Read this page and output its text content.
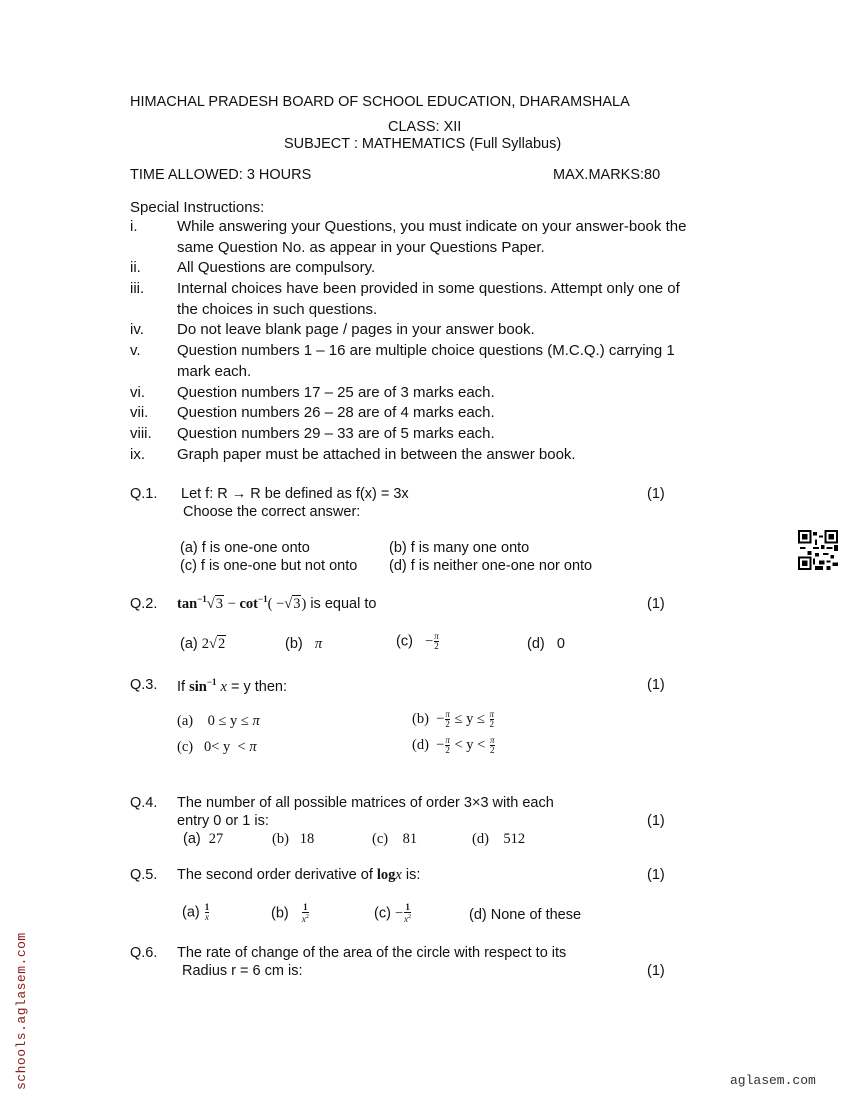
HIMACHAL PRADESH BOARD OF SCHOOL EDUCATION, DHARAMSHALA
CLASS: XII
SUBJECT : MATHEMATICS (Full Syllabus)
TIME ALLOWED: 3 HOURS	MAX.MARKS:80
Special Instructions:
i.	While answering your Questions, you must indicate on your answer-book the
same Question No. as appear in your Questions Paper.
ii. All Questions are compulsory.
iii. Internal choices have been provided in some questions. Attempt only one of
the choices in such questions.
iv. Do not leave blank page / pages in your answer book.
v. Question numbers 1 – 16 are multiple choice questions (M.C.Q.) carrying 1
mark each.
vi. Question numbers 17 – 25 are of 3 marks each.
vii. Question numbers 26 – 28 are of 4 marks each.
viii. Question numbers 29 – 33 are of 5 marks each.
ix. Graph paper must be attached in between the answer book.
Q.1. Let f: R → R be defined as f(x) = 3x
Choose the correct answer:
(1)
(a) f is one-one onto	(b) f is many one onto
(c) f is one-one but not onto (d) f is neither one-one nor onto
Q.2. $\tan^{-1}√3 - \cot^{-1}( -√3)$ is equal to	(1)
(a) 2√2	(b) π	$(c) - \frac{\pi}{2}$	(d) 0
Q.3. If $\sin^{-1} x = y$ then:	(1)
(a)    0 ≤ y ≤ π	$(b) - \frac{\pi}{2} \le y \le \frac{\pi}{2}$
(c)   0< y  < π	$(d) - \frac{\pi}{2} < y < \frac{\pi}{2}$
Q.4. The number of all possible matrices of order 3×3 with each
entry 0 or 1 is:	(1)
(a) 27	(b) 18	(c) 81	(d) 512
Q.5. The second order derivative of logx is:	(1)
$(a) \frac{1}{x}$	$(b) \frac{1}{x^2}$	$(c) - \frac{1}{x^2}$	(d) None of these
Q.6. The rate of change of the area of the circle with respect to its
Radius r = 6 cm is:	(1)
schools.aglasem.com	aglasem.com
